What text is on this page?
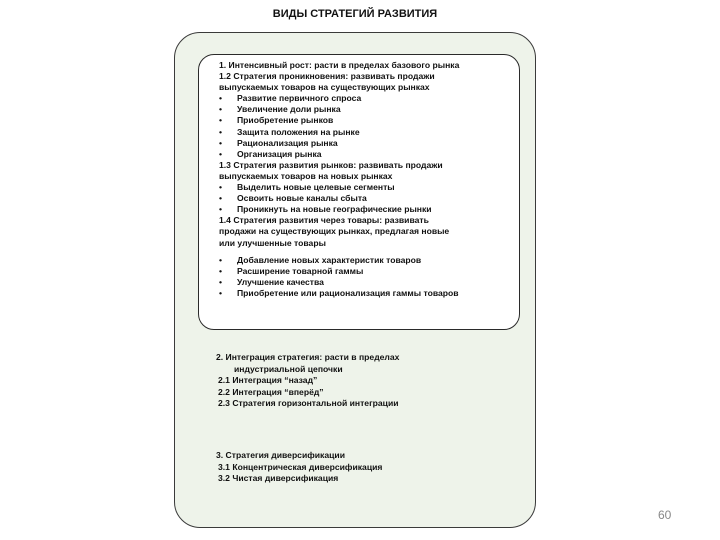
ВИДЫ СТРАТЕГИЙ РАЗВИТИЯ
1. Интенсивный рост: расти в пределах базового рынка
1.2 Стратегия проникновения: развивать продажи
выпускаемых товаров на существующих рынках
• Развитие первичного спроса
• Увеличение доли рынка
• Приобретение рынков
• Защита положения на рынке
• Рационализация рынка
• Организация рынка
1.3 Стратегия развития рынков: развивать продажи
выпускаемых товаров на новых рынках
• Выделить новые целевые сегменты
• Освоить новые каналы сбыта
• Проникнуть на новые географические рынки
1.4 Стратегия развития через товары: развивать
продажи на существующих рынках, предлагая новые
или улучшенные товары
• Добавление новых характеристик товаров
• Расширение товарной гаммы
• Улучшение качества
• Приобретение или рационализация гаммы товаров
2. Интеграция стратегия: расти в пределах
индустриальной цепочки
2.1 Интеграция “назад”
2.2 Интеграция “вперёд”
2.3 Стратегия горизонтальной интеграции
3. Стратегия диверсификации
3.1 Концентрическая диверсификация
3.2 Чистая диверсификация
60
